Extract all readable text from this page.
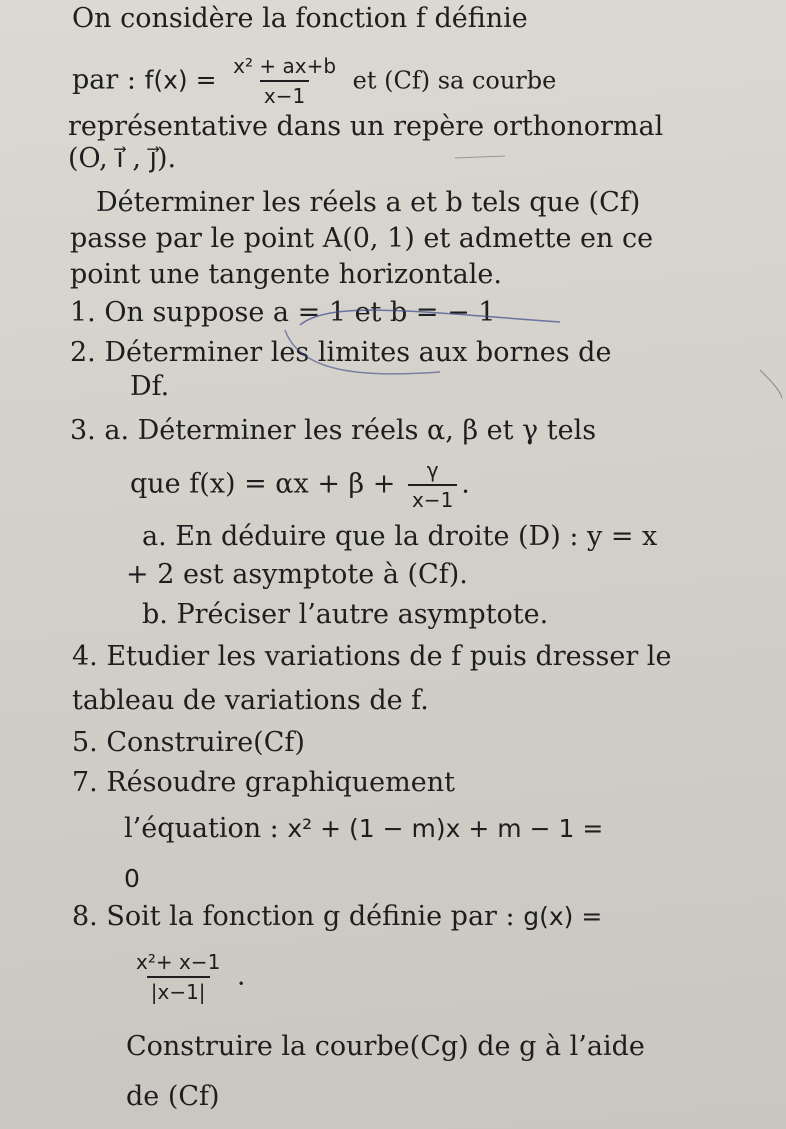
On considère la fonction f définie
par : $f(x) = \frac{\text{x² + ax+b}}{x-1}$ et (Cf) sa courbe
représentative dans un repère orthonormal
(O, ı⃗ , ȷ⃗).
Déterminer les réels a et b tels que (Cf)
passe par le point A(0, 1) et admette en ce
point une tangente horizontale.
1. On suppose a = 1 et b = − 1
2. Déterminer les limites aux bornes de
Df.
3. a. Déterminer les réels α, β et γ tels
que $f(x) = \alpha x + \beta + \frac{\gamma}{x-1}$ .
a. En déduire que la droite (D) : y = x
+ 2 est asymptote à (Cf).
b. Préciser l’autre asymptote.
4. Etudier les variations de f puis dresser le
tableau de variations de f.
5. Construire(Cf)
7. Résoudre graphiquement
l’équation : x² + (1 − m)x + m − 1 =
0
8. Soit la fonction g définie par : g(x) =
$\frac{\text{x²+ x−1}}{|x-1|}$ .
Construire la courbe(Cg) de g à l’aide
de (Cf)
